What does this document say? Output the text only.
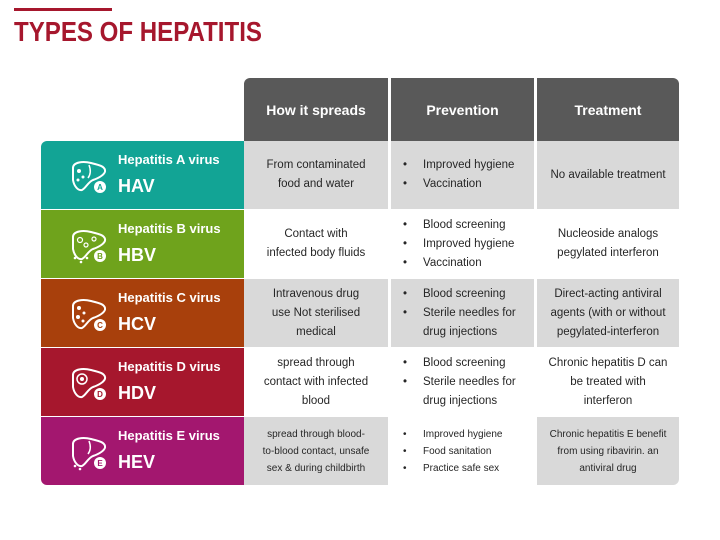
TYPES OF HEPATITIS
How it spreads	Prevention	Treatment
A
Hepatitis A virus
HAV
From contaminated
food and water
• Improved hygiene
• Vaccination
No available treatment
B
Hepatitis B virus
HBV
Contact with
infected body fluids
• Blood screening
• Improved hygiene
• Vaccination
Nucleoside analogs
pegylated interferon
C
Hepatitis C virus
HCV
Intravenous drug
use Not sterilised
medical
• Blood screening
• Sterile needles for drug injections
Direct-acting antiviral
agents (with or without
pegylated-interferon
D
Hepatitis D virus
HDV
spread through
contact with infected
blood
• Blood screening
• Sterile needles for drug injections
Chronic hepatitis D can
be treated with
interferon
E
Hepatitis E virus
HEV
spread through blood-
to-blood contact, unsafe
sex & during childbirth
• Improved hygiene
• Food sanitation
• Practice safe sex
Chronic hepatitis E benefit
from using ribavirin. an
antiviral drug
